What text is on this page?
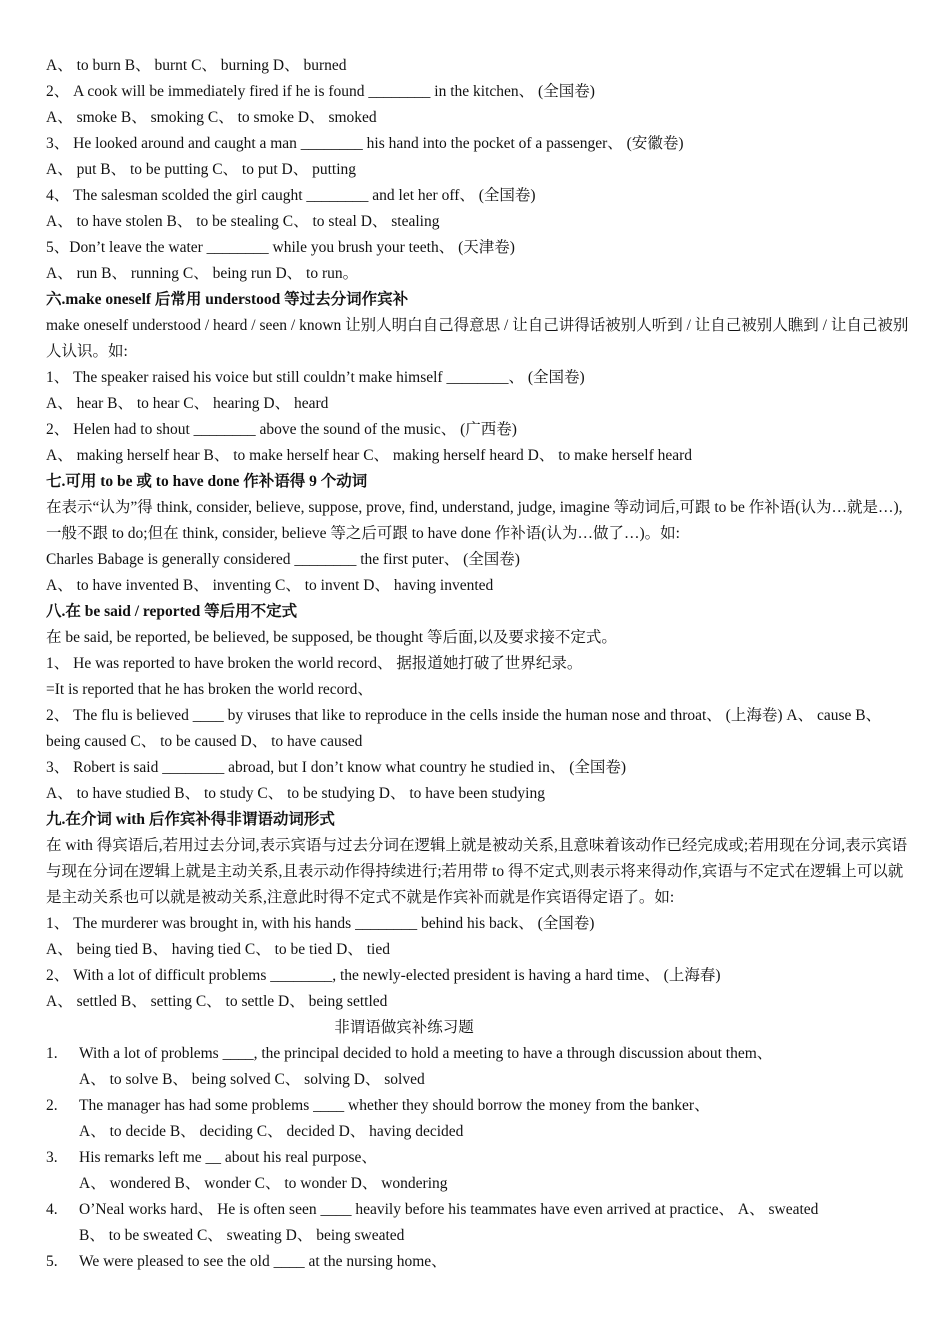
A、 to burn B、 burnt C、 burning D、 burned
2、 A cook will be immediately fired if he is found ________ in the kitchen、 (全国卷)
A、 smoke B、 smoking C、 to smoke D、 smoked
3、 He looked around and caught a man ________ his hand into the pocket of a passenger、 (安徽卷)
A、 put B、 to be putting C、 to put D、 putting
4、 The salesman scolded the girl caught ________ and let her off、 (全国卷)
A、 to have stolen B、 to be stealing C、 to steal D、 stealing
5、Don’t leave the water ________ while you brush your teeth、 (天津卷)
A、 run B、 running C、 being run D、 to run。
六.make oneself 后常用 understood 等过去分词作宾补
make oneself understood / heard / seen / known 让别人明白自己得意思 / 让自己讲得话被别人听到 / 让自己被别人瞧到 / 让自己被别人认识。如:
1、 The speaker raised his voice but still couldn’t make himself ________、 (全国卷)
A、 hear B、 to hear C、 hearing D、 heard
2、 Helen had to shout ________ above the sound of the music、 (广西卷)
A、 making herself hear B、 to make herself hear C、 making herself heard D、 to make herself heard
七.可用 to be 或 to have done 作补语得 9 个动词
在表示“认为”得 think, consider, believe, suppose, prove, find, understand, judge, imagine 等动词后,可跟 to be 作补语(认为…就是…),一般不跟 to do;但在 think, consider, believe 等之后可跟 to have done 作补语(认为…做了…)。如:
Charles Babage is generally considered ________ the first puter、 (全国卷)
A、 to have invented B、 inventing C、 to invent D、 having invented
八.在 be said / reported 等后用不定式
在 be said, be reported, be believed, be supposed, be thought 等后面,以及要求接不定式。
1、 He was reported to have broken the world record、 据报道她打破了世界纪录。
=It is reported that he has broken the world record、
2、 The flu is believed ____ by viruses that like to reproduce in the cells inside the human nose and throat、 (上海卷) A、 cause B、 being caused C、 to be caused D、 to have caused
3、 Robert is said ________ abroad, but I don’t know what country he studied in、 (全国卷)
A、 to have studied B、 to study C、 to be studying D、 to have been studying
九.在介词 with 后作宾补得非谓语动词形式
在 with 得宾语后,若用过去分词,表示宾语与过去分词在逻辑上就是被动关系,且意味着该动作已经完成或;若用现在分词,表示宾语与现在分词在逻辑上就是主动关系,且表示动作得持续进行;若用带 to 得不定式,则表示将来得动作,宾语与不定式在逻辑上可以就是主动关系也可以就是被动关系,注意此时得不定式不就是作宾补而就是作宾语得定语了。如:
1、 The murderer was brought in, with his hands ________ behind his back、 (全国卷)
A、 being tied B、 having tied C、 to be tied D、 tied
2、 With a lot of difficult problems ________, the newly-elected president is having a hard time、 (上海春)
A、 settled B、 setting C、 to settle D、 being settled
非谓语做宾补练习题
1.	With a lot of problems ____, the principal decided to hold a meeting to have a through discussion about them、
A、 to solve B、 being solved C、 solving D、 solved
2.	The manager has had some problems ____ whether they should borrow the money from the banker、
A、 to decide B、 deciding C、 decided D、 having decided
3.	His remarks left me __ about his real purpose、
A、 wondered B、 wonder C、 to wonder D、 wondering
4.	O’Neal works hard、 He is often seen ____ heavily before his teammates have even arrived at practice、 A、 sweated
B、 to be sweated C、 sweating D、 being sweated
5.	We were pleased to see the old ____ at the nursing home、
